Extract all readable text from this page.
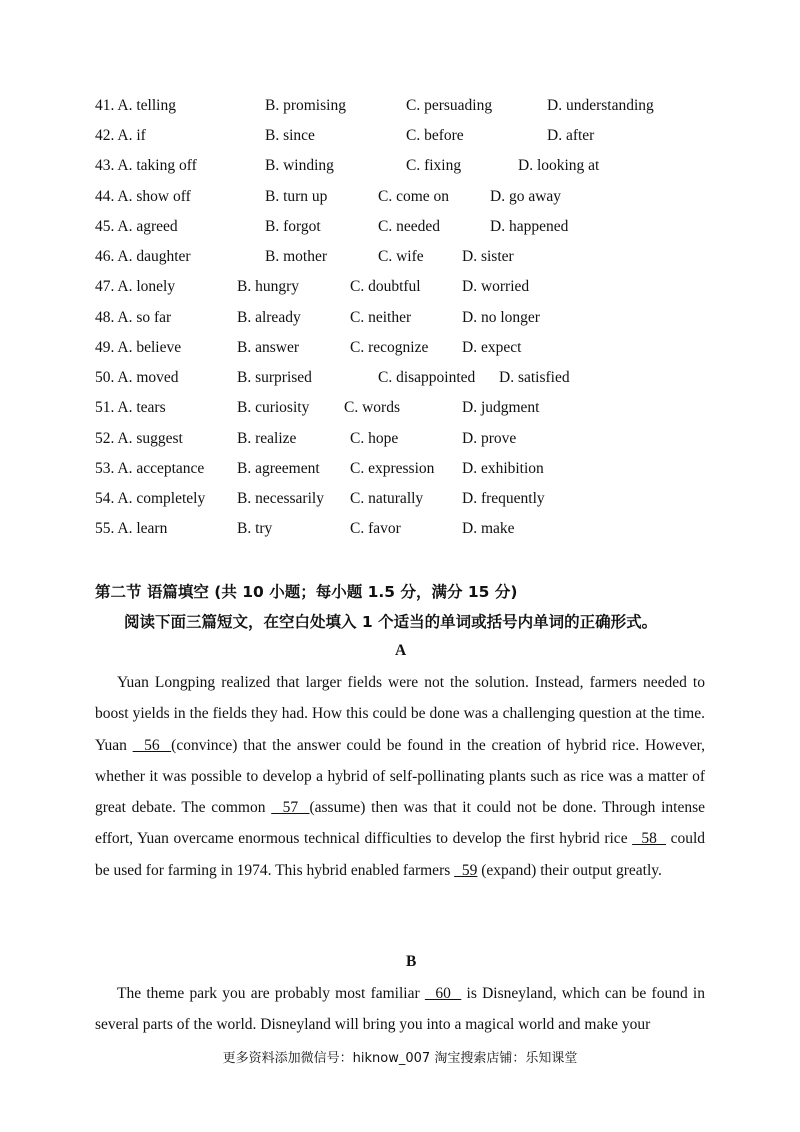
41. A. telling	B. promising	C. persuading	D. understanding
42. A. if	B. since	C. before	D. after
43. A. taking off	B. winding	C. fixing	D. looking at
44. A. show off	B. turn up	C. come on	D. go away
45. A. agreed	B. forgot	C. needed	D. happened
46. A. daughter	B. mother	C. wife D. sister
47. A. lonely	B. hungry	C. doubtful	D. worried
48. A. so far	B. already	C. neither	D. no longer
49. A. believe	B. answer	C. recognize D. expect
50. A. moved	B. surprised	C. disappointed D. satisfied
51. A. tears	B. curiosity C. words	D. judgment
52. A. suggest	B. realize	C. hope	D. prove
53. A. acceptance B. agreement C. expression D. exhibition
54. A. completely B. necessarily C. naturally	D. frequently
55. A. learn	B. try	C. favor	D. make
第二节 语篇填空 (共 10 小题；每小题 1.5 分，满分 15 分)
阅读下面三篇短文，在空白处填入 1 个适当的单词或括号内单词的正确形式。
A

Yuan Longping realized that larger fields were not the solution. Instead, farmers needed to boost yields in the fields they had. How this could be done was a challenging question at the time. Yuan   56  (convince) that the answer could be found in the creation of hybrid rice. However, whether it was possible to develop a hybrid of self-pollinating plants such as rice was a matter of great debate. The common   57  (assume) then was that it could not be done. Through intense effort, Yuan overcame enormous technical difficulties to develop the first hybrid rice   58   could be used for farming in 1974. This hybrid enabled farmers   59 (expand) their output greatly.

B

The theme park you are probably most familiar   60   is Disneyland, which can be found in several parts of the world. Disneyland will bring you into a magical world and make your

更多资料添加微信号：hiknow_007 淘宝搜索店铺：乐知课堂
